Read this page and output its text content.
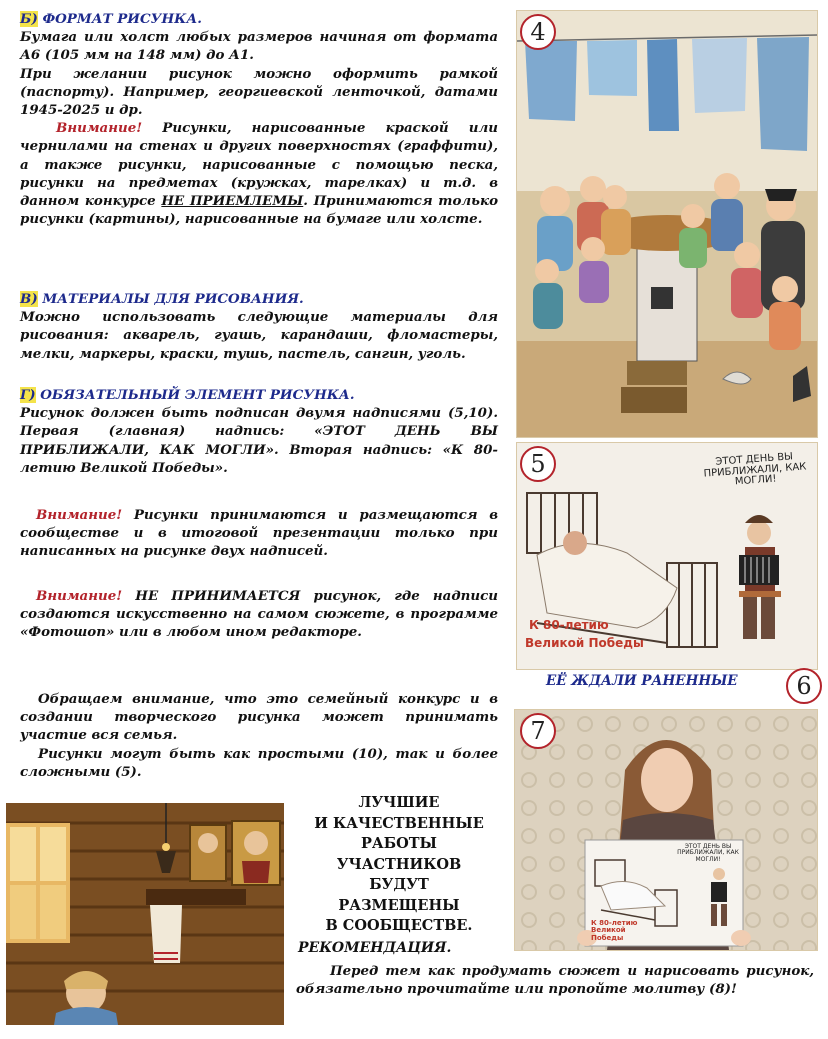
Б) ФОРМАТ РИСУНКА.
Бумага или холст любых размеров начиная от формата А6 (105 мм на 148 мм) до А1.
При желании рисунок можно оформить рамкой (паспорту). Например, георгиевской ленточкой, датами 1945-2025 и др.
Внимание! Рисунки, нарисованные краской или чернилами на стенах и других поверхностях (граффити), а также рисунки, нарисованные с помощью песка, рисунки на предметах (кружках, тарелках) и т.д. в данном конкурсе НЕ ПРИЕМЛЕМЫ. Принимаются только рисунки (картины), нарисованные на бумаге или холсте.
В) МАТЕРИАЛЫ ДЛЯ РИСОВАНИЯ.
Можно использовать следующие материалы для рисования: акварель, гуашь, карандаши, фломастеры, мелки, маркеры, краски, тушь, пастель, сангин, уголь.
Г) ОБЯЗАТЕЛЬНЫЙ ЭЛЕМЕНТ РИСУНКА.
Рисунок должен быть подписан двумя надписями (5,10). Первая (главная) надпись: «ЭТОТ ДЕНЬ ВЫ ПРИБЛИЖАЛИ, КАК МОГЛИ». Вторая надпись: «К 80-летию Великой Победы».
Внимание! Рисунки принимаются и размещаются в сообществе и в итоговой презентации только при написанных на рисунке двух надписей.
Внимание! НЕ ПРИНИМАЕТСЯ рисунок, где надписи создаются искусственно на самом сюжете, в программе «Фотошоп» или в любом ином редакторе.
Обращаем внимание, что это семейный конкурс и в создании творческого рисунка может принимать участие вся семья.
Рисунки могут быть как простыми (10), так и более сложными (5).
ЛУЧШИЕ
И КАЧЕСТВЕННЫЕ
РАБОТЫ
УЧАСТНИКОВ
БУДУТ
РАЗМЕЩЕНЫ
В СООБЩЕСТВЕ.
РЕКОМЕНДАЦИЯ.
Перед тем как продумать сюжет и нарисовать рисунок, обязательно прочитайте или пропойте молитву (8)!
4
ЭТОТ ДЕНЬ ВЫ ПРИБЛИЖАЛИ, КАК МОГЛИ!
К 80-летию
Великой Победы
5
ЕЁ ЖДАЛИ РАНЕННЫЕ	6
ЭТОТ ДЕНЬ ВЫ ПРИБЛИЖАЛИ, КАК МОГЛИ!
К 80-летию Великой Победы
7
